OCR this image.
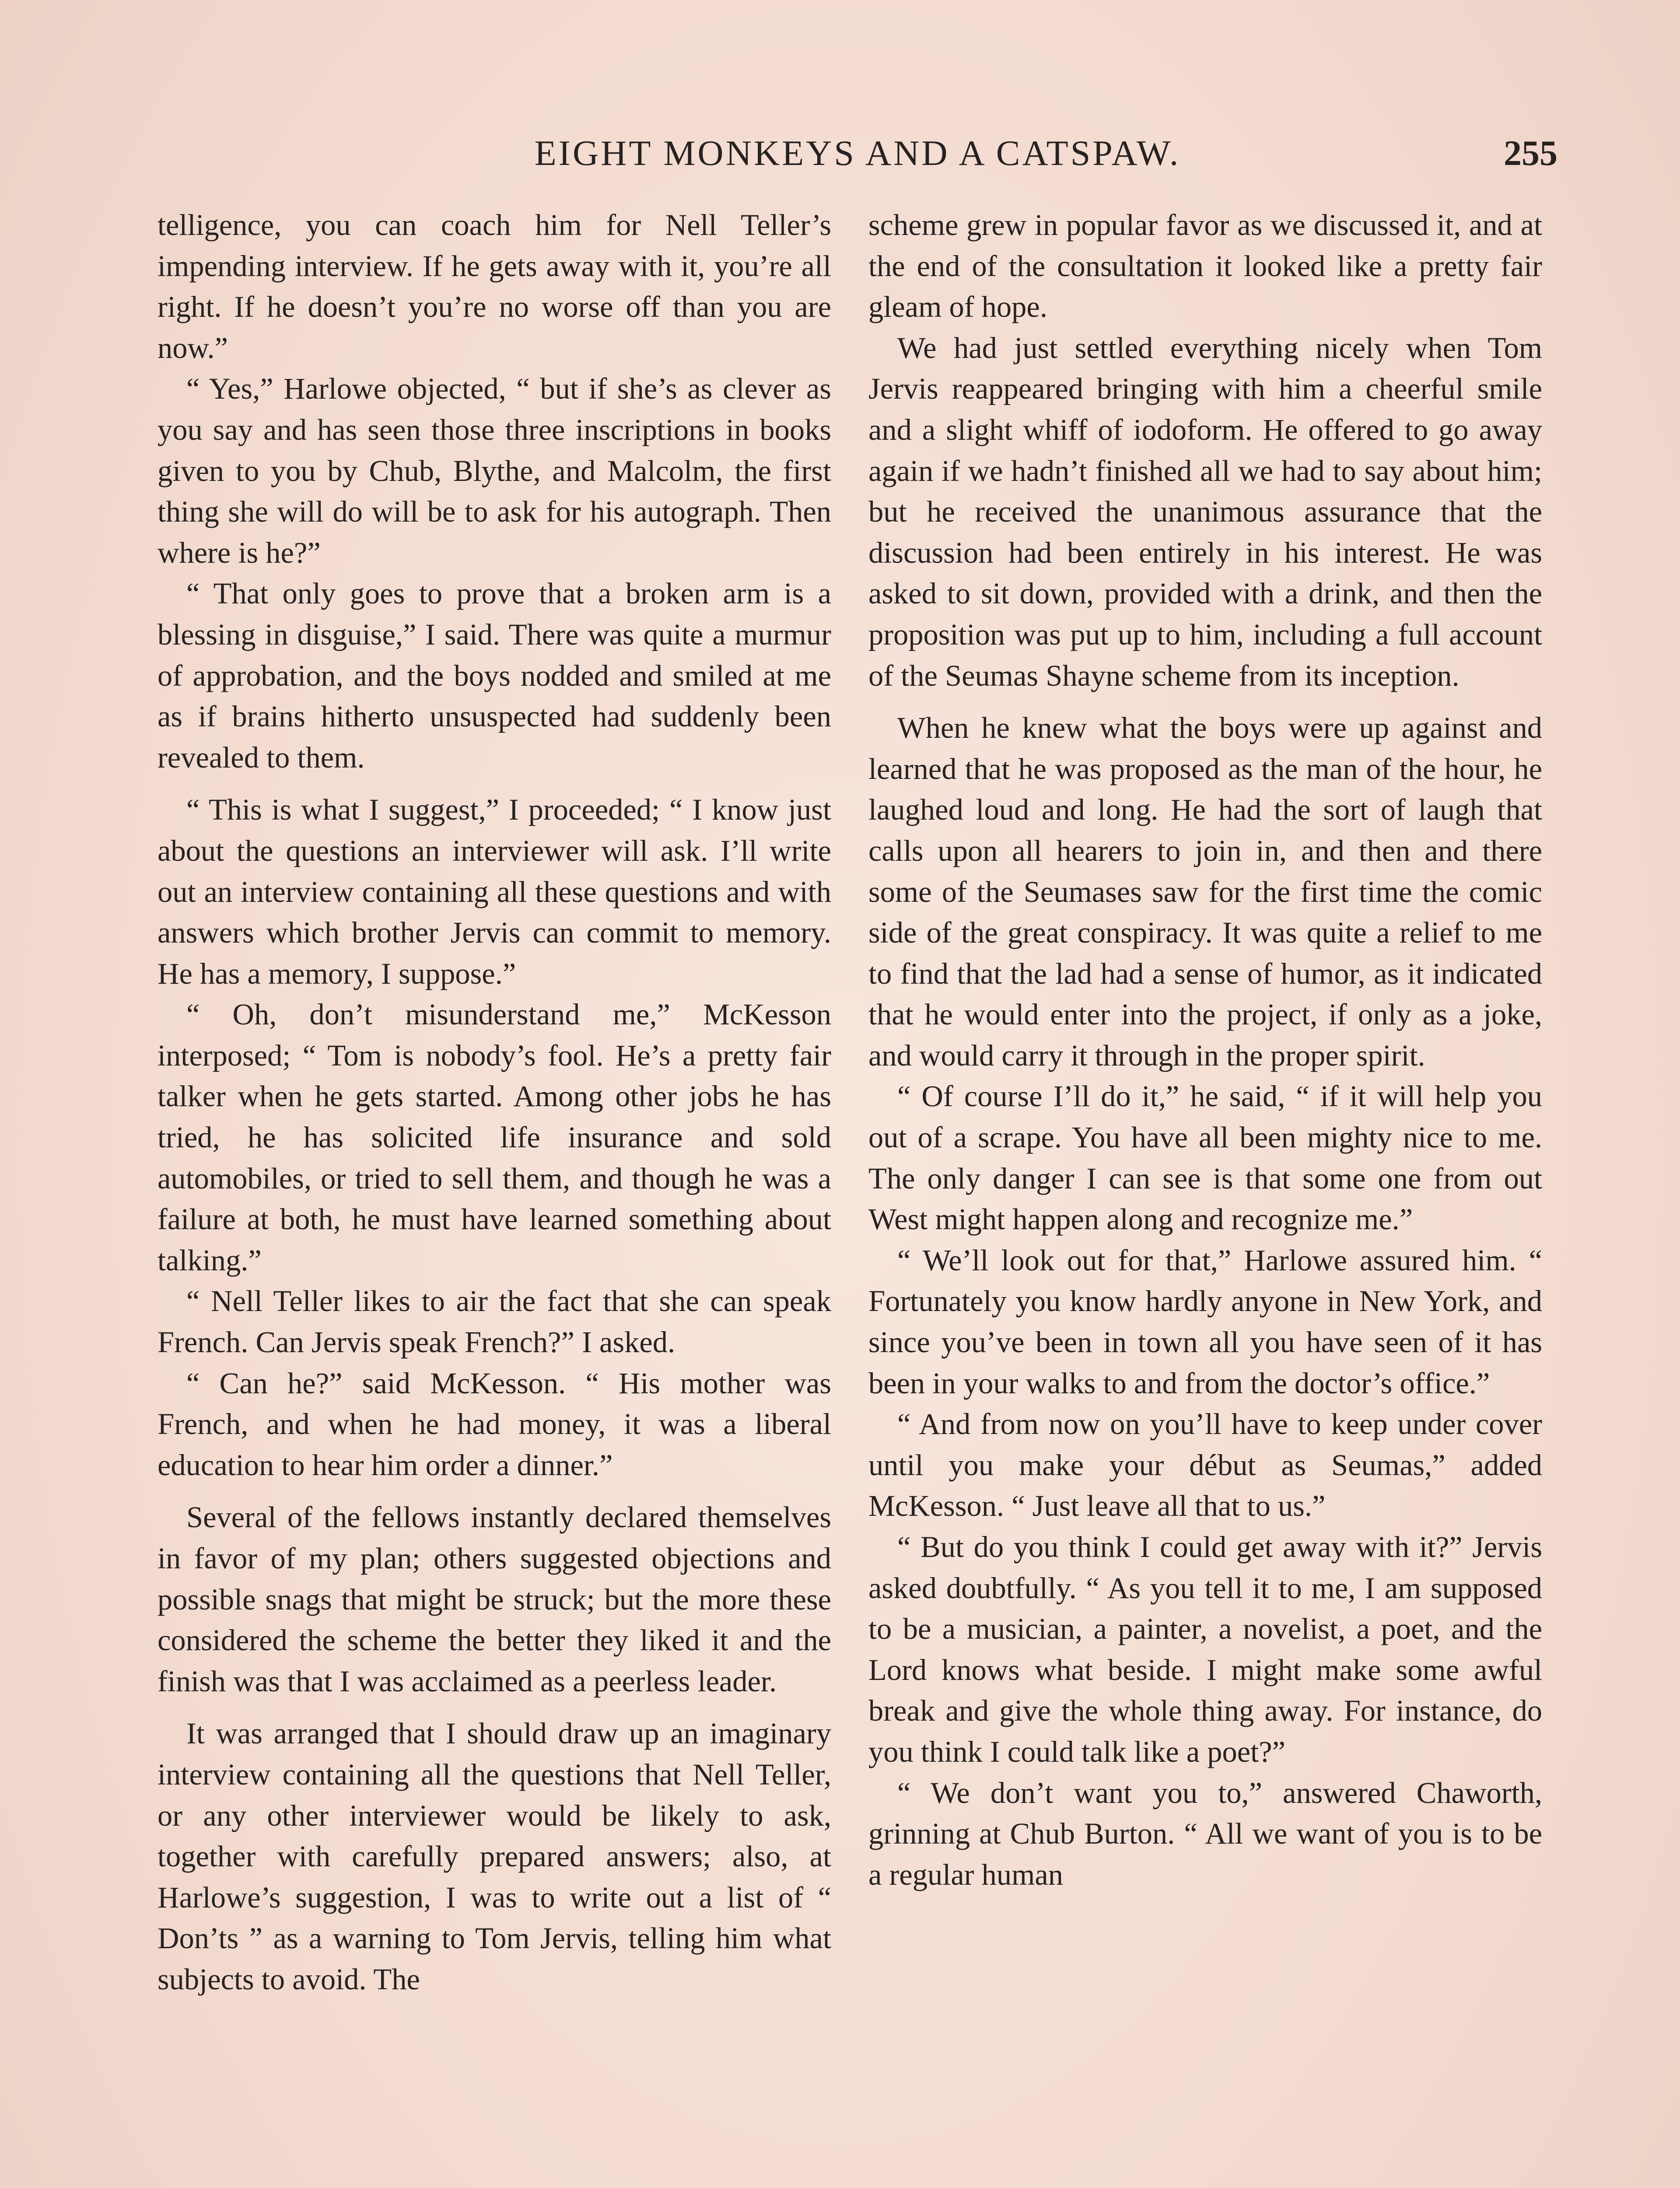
EIGHT MONKEYS AND A CATSPAW.	255

telligence, you can coach him for Nell Teller’s impending interview. If he gets away with it, you’re all right. If he doesn’t you’re no worse off than you are now.”

“ Yes,” Harlowe objected, “ but if she’s as clever as you say and has seen those three inscriptions in books given to you by Chub, Blythe, and Malcolm, the first thing she will do will be to ask for his autograph. Then where is he?”

“ That only goes to prove that a broken arm is a blessing in disguise,” I said. There was quite a murmur of approbation, and the boys nodded and smiled at me as if brains hitherto unsuspected had suddenly been revealed to them.

“ This is what I suggest,” I proceeded; “ I know just about the questions an interviewer will ask. I’ll write out an interview containing all these questions and with answers which brother Jervis can commit to memory. He has a memory, I suppose.”

“ Oh, don’t misunderstand me,” McKesson interposed; “ Tom is nobody’s fool. He’s a pretty fair talker when he gets started. Among other jobs he has tried, he has solicited life insurance and sold automobiles, or tried to sell them, and though he was a failure at both, he must have learned something about talking.”

“ Nell Teller likes to air the fact that she can speak French. Can Jervis speak French?” I asked.

“ Can he?” said McKesson. “ His mother was French, and when he had money, it was a liberal education to hear him order a dinner.”

Several of the fellows instantly declared themselves in favor of my plan; others suggested objections and possible snags that might be struck; but the more these considered the scheme the better they liked it and the finish was that I was acclaimed as a peerless leader.

It was arranged that I should draw up an imaginary interview containing all the questions that Nell Teller, or any other interviewer would be likely to ask, together with carefully prepared answers; also, at Harlowe’s suggestion, I was to write out a list of “ Don’ts ” as a warning to Tom Jervis, telling him what subjects to avoid. The

scheme grew in popular favor as we discussed it, and at the end of the consultation it looked like a pretty fair gleam of hope.

We had just settled everything nicely when Tom Jervis reappeared bringing with him a cheerful smile and a slight whiff of iodoform. He offered to go away again if we hadn’t finished all we had to say about him; but he received the unanimous assurance that the discussion had been entirely in his interest. He was asked to sit down, provided with a drink, and then the proposition was put up to him, including a full account of the Seumas Shayne scheme from its inception.

When he knew what the boys were up against and learned that he was proposed as the man of the hour, he laughed loud and long. He had the sort of laugh that calls upon all hearers to join in, and then and there some of the Seumases saw for the first time the comic side of the great conspiracy. It was quite a relief to me to find that the lad had a sense of humor, as it indicated that he would enter into the project, if only as a joke, and would carry it through in the proper spirit.

“ Of course I’ll do it,” he said, “ if it will help you out of a scrape. You have all been mighty nice to me. The only danger I can see is that some one from out West might happen along and recognize me.”

“ We’ll look out for that,” Harlowe assured him. “ Fortunately you know hardly anyone in New York, and since you’ve been in town all you have seen of it has been in your walks to and from the doctor’s office.”

“ And from now on you’ll have to keep under cover until you make your début as Seumas,” added McKesson. “ Just leave all that to us.”

“ But do you think I could get away with it?” Jervis asked doubtfully. “ As you tell it to me, I am supposed to be a musician, a painter, a novelist, a poet, and the Lord knows what beside. I might make some awful break and give the whole thing away. For instance, do you think I could talk like a poet?”

“ We don’t want you to,” answered Chaworth, grinning at Chub Burton. “ All we want of you is to be a regular human
